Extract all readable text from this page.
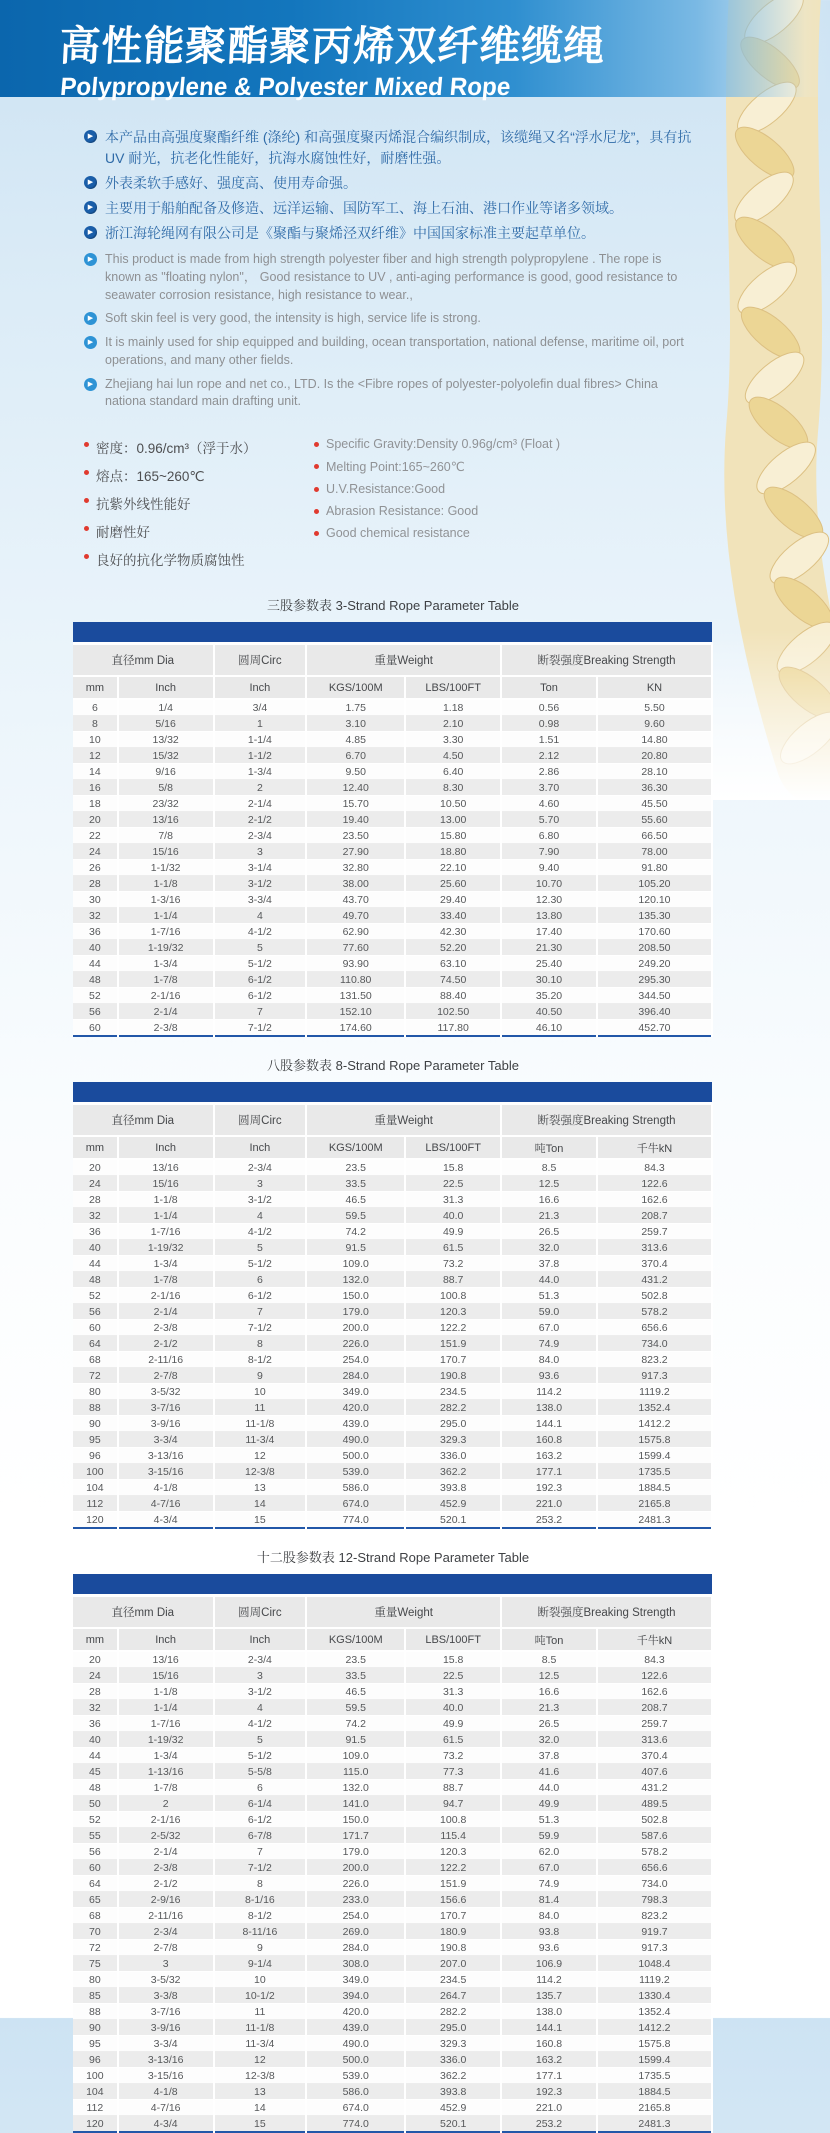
高性能聚酯聚丙烯双纤维缆绳
Polypropylene & Polyester Mixed Rope
▶ 本产品由高强度聚酯纤维 (涤纶) 和高强度聚丙烯混合编织制成，该缆绳又名“浮水尼龙”，具有抗UV 耐光，抗老化性能好，抗海水腐蚀性好，耐磨性强。
▶ 外表柔软手感好、强度高、使用寿命强。
▶ 主要用于船舶配备及修造、远洋运输、国防军工、海上石油、港口作业等诸多领域。
▶ 浙江海轮绳网有限公司是《聚酯与聚烯泾双纤维》中国国家标准主要起草单位。
▶ This product is made from high strength polyester fiber and high strength polypropylene . The rope is known as "floating nylon"， Good resistance to UV , anti-aging performance is good, good resistance to seawater corrosion resistance, high resistance to wear.,
▶ Soft skin feel is very good, the intensity is high, service life is strong.
▶ It is mainly used for ship equipped and building, ocean transportation, national defense, maritime oil, port operations, and many other fields.
▶ Zhejiang hai lun rope and net co., LTD. Is the <Fibre ropes of polyester-polyolefin dual fibres> China nationa standard main drafting unit.
密度：0.96/cm³（浮于水）
熔点：165~260℃
抗紫外线性能好
耐磨性好
良好的抗化学物质腐蚀性
Specific Gravity:Density 0.96g/cm³ (Float )
Melting Point:165~260℃
U.V.Resistance:Good
Abrasion Resistance: Good
Good chemical resistance
三股参数表 3-Strand Rope Parameter Table

直径mm Dia		圆周Circ	重量Weight		断裂强度Breaking Strength	
mm	Inch	Inch	KGS/100M	LBS/100FT	Ton	KN
6	1/4	3/4	1.75	1.18	0.56	5.50
8	5/16	1	3.10	2.10	0.98	9.60
10	13/32	1-1/4	4.85	3.30	1.51	14.80
12	15/32	1-1/2	6.70	4.50	2.12	20.80
14	9/16	1-3/4	9.50	6.40	2.86	28.10
16	5/8	2	12.40	8.30	3.70	36.30
18	23/32	2-1/4	15.70	10.50	4.60	45.50
20	13/16	2-1/2	19.40	13.00	5.70	55.60
22	7/8	2-3/4	23.50	15.80	6.80	66.50
24	15/16	3	27.90	18.80	7.90	78.00
26	1-1/32	3-1/4	32.80	22.10	9.40	91.80
28	1-1/8	3-1/2	38.00	25.60	10.70	105.20
30	1-3/16	3-3/4	43.70	29.40	12.30	120.10
32	1-1/4	4	49.70	33.40	13.80	135.30
36	1-7/16	4-1/2	62.90	42.30	17.40	170.60
40	1-19/32	5	77.60	52.20	21.30	208.50
44	1-3/4	5-1/2	93.90	63.10	25.40	249.20
48	1-7/8	6-1/2	110.80	74.50	30.10	295.30
52	2-1/16	6-1/2	131.50	88.40	35.20	344.50
56	2-1/4	7	152.10	102.50	40.50	396.40
60	2-3/8	7-1/2	174.60	117.80	46.10	452.70
八股参数表 8-Strand Rope Parameter Table

直径mm Dia		圆周Circ	重量Weight		断裂强度Breaking Strength	
mm	Inch	Inch	KGS/100M	LBS/100FT	吨Ton	千牛kN
20	13/16	2-3/4	23.5	15.8	8.5	84.3
24	15/16	3	33.5	22.5	12.5	122.6
28	1-1/8	3-1/2	46.5	31.3	16.6	162.6
32	1-1/4	4	59.5	40.0	21.3	208.7
36	1-7/16	4-1/2	74.2	49.9	26.5	259.7
40	1-19/32	5	91.5	61.5	32.0	313.6
44	1-3/4	5-1/2	109.0	73.2	37.8	370.4
48	1-7/8	6	132.0	88.7	44.0	431.2
52	2-1/16	6-1/2	150.0	100.8	51.3	502.8
56	2-1/4	7	179.0	120.3	59.0	578.2
60	2-3/8	7-1/2	200.0	122.2	67.0	656.6
64	2-1/2	8	226.0	151.9	74.9	734.0
68	2-11/16	8-1/2	254.0	170.7	84.0	823.2
72	2-7/8	9	284.0	190.8	93.6	917.3
80	3-5/32	10	349.0	234.5	114.2	1119.2
88	3-7/16	11	420.0	282.2	138.0	1352.4
90	3-9/16	11-1/8	439.0	295.0	144.1	1412.2
95	3-3/4	11-3/4	490.0	329.3	160.8	1575.8
96	3-13/16	12	500.0	336.0	163.2	1599.4
100	3-15/16	12-3/8	539.0	362.2	177.1	1735.5
104	4-1/8	13	586.0	393.8	192.3	1884.5
112	4-7/16	14	674.0	452.9	221.0	2165.8
120	4-3/4	15	774.0	520.1	253.2	2481.3
十二股参数表 12-Strand Rope Parameter Table

直径mm Dia		圆周Circ	重量Weight		断裂强度Breaking Strength	
mm	Inch	Inch	KGS/100M	LBS/100FT	吨Ton	千牛kN
20	13/16	2-3/4	23.5	15.8	8.5	84.3
24	15/16	3	33.5	22.5	12.5	122.6
28	1-1/8	3-1/2	46.5	31.3	16.6	162.6
32	1-1/4	4	59.5	40.0	21.3	208.7
36	1-7/16	4-1/2	74.2	49.9	26.5	259.7
40	1-19/32	5	91.5	61.5	32.0	313.6
44	1-3/4	5-1/2	109.0	73.2	37.8	370.4
45	1-13/16	5-5/8	115.0	77.3	41.6	407.6
48	1-7/8	6	132.0	88.7	44.0	431.2
50	2	6-1/4	141.0	94.7	49.9	489.5
52	2-1/16	6-1/2	150.0	100.8	51.3	502.8
55	2-5/32	6-7/8	171.7	115.4	59.9	587.6
56	2-1/4	7	179.0	120.3	62.0	578.2
60	2-3/8	7-1/2	200.0	122.2	67.0	656.6
64	2-1/2	8	226.0	151.9	74.9	734.0
65	2-9/16	8-1/16	233.0	156.6	81.4	798.3
68	2-11/16	8-1/2	254.0	170.7	84.0	823.2
70	2-3/4	8-11/16	269.0	180.9	93.8	919.7
72	2-7/8	9	284.0	190.8	93.6	917.3
75	3	9-1/4	308.0	207.0	106.9	1048.4
80	3-5/32	10	349.0	234.5	114.2	1119.2
85	3-3/8	10-1/2	394.0	264.7	135.7	1330.4
88	3-7/16	11	420.0	282.2	138.0	1352.4
90	3-9/16	11-1/8	439.0	295.0	144.1	1412.2
95	3-3/4	11-3/4	490.0	329.3	160.8	1575.8
96	3-13/16	12	500.0	336.0	163.2	1599.4
100	3-15/16	12-3/8	539.0	362.2	177.1	1735.5
104	4-1/8	13	586.0	393.8	192.3	1884.5
112	4-7/16	14	674.0	452.9	221.0	2165.8
120	4-3/4	15	774.0	520.1	253.2	2481.3
